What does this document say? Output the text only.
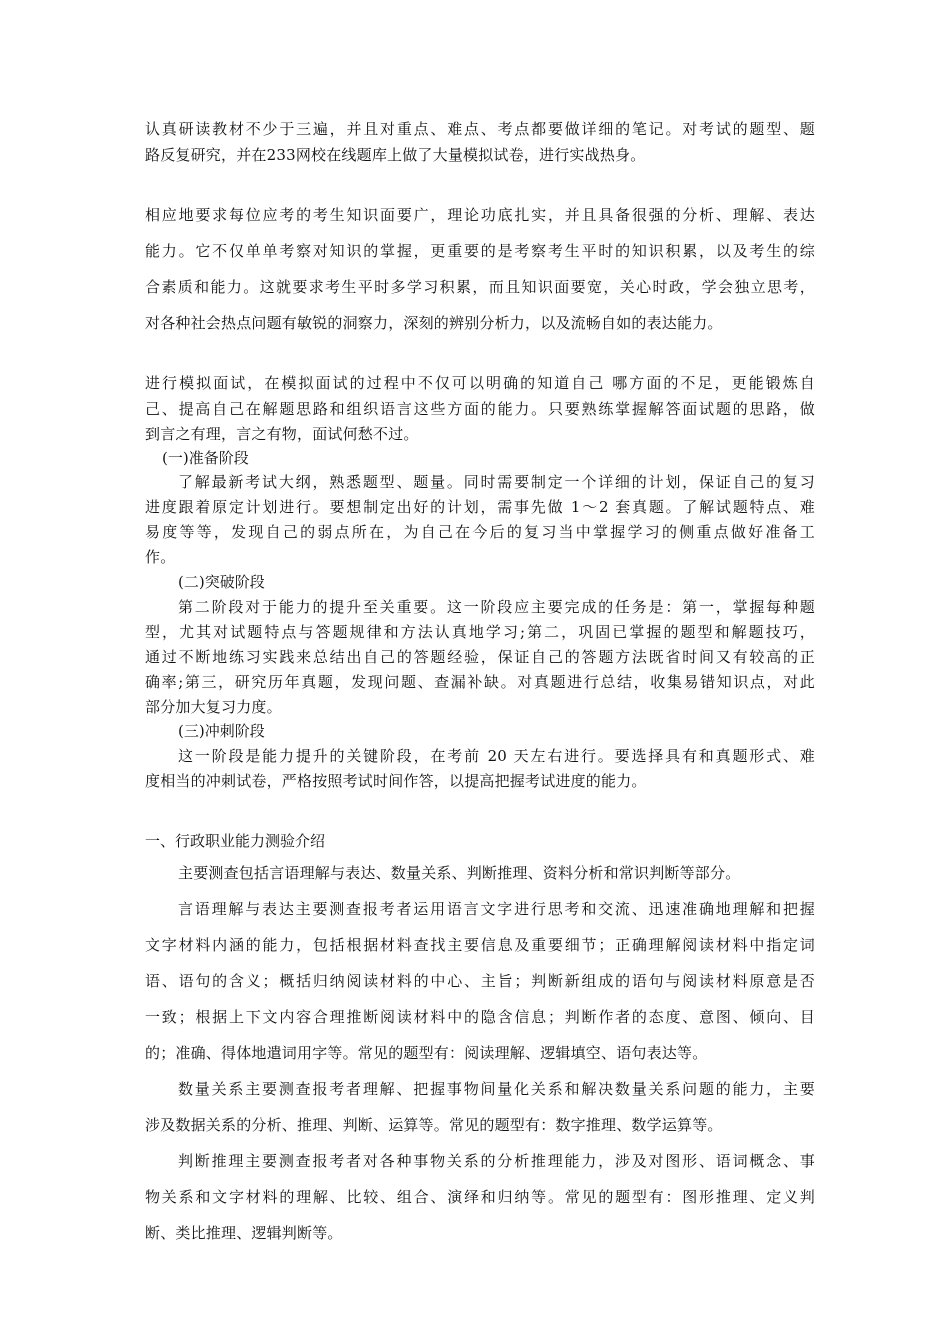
认真研读教材不少于三遍，并且对重点、难点、考点都要做详细的笔记。对考试的题型、题
路反复研究，并在233网校在线题库上做了大量模拟试卷，进行实战热身。
相应地要求每位应考的考生知识面要广，理论功底扎实，并且具备很强的分析、理解、表达
能力。它不仅单单考察对知识的掌握，更重要的是考察考生平时的知识积累，以及考生的综
合素质和能力。这就要求考生平时多学习积累，而且知识面要宽，关心时政，学会独立思考，
对各种社会热点问题有敏锐的洞察力，深刻的辨别分析力，以及流畅自如的表达能力。
进行模拟面试，在模拟面试的过程中不仅可以明确的知道自己 哪方面的不足，更能锻炼自
己、提高自己在解题思路和组织语言这些方面的能力。只要熟练掌握解答面试题的思路，做
到言之有理，言之有物，面试何愁不过。
(一)准备阶段
了解最新考试大纲，熟悉题型、题量。同时需要制定一个详细的计划，保证自己的复习
进度跟着原定计划进行。要想制定出好的计划，需事先做 1～2 套真题。了解试题特点、难
易度等等，发现自己的弱点所在，为自己在今后的复习当中掌握学习的侧重点做好准备工
作。
(二)突破阶段
第二阶段对于能力的提升至关重要。这一阶段应主要完成的任务是：第一，掌握每种题
型，尤其对试题特点与答题规律和方法认真地学习;第二，巩固已掌握的题型和解题技巧，
通过不断地练习实践来总结出自己的答题经验，保证自己的答题方法既省时间又有较高的正
确率;第三，研究历年真题，发现问题、查漏补缺。对真题进行总结，收集易错知识点，对此
部分加大复习力度。
(三)冲刺阶段
这一阶段是能力提升的关键阶段，在考前 20 天左右进行。要选择具有和真题形式、难
度相当的冲刺试卷，严格按照考试时间作答，以提高把握考试进度的能力。
一、行政职业能力测验介绍
主要测查包括言语理解与表达、数量关系、判断推理、资料分析和常识判断等部分。
言语理解与表达主要测查报考者运用语言文字进行思考和交流、迅速准确地理解和把握
文字材料内涵的能力，包括根据材料查找主要信息及重要细节；正确理解阅读材料中指定词
语、语句的含义；概括归纳阅读材料的中心、主旨；判断新组成的语句与阅读材料原意是否
一致；根据上下文内容合理推断阅读材料中的隐含信息；判断作者的态度、意图、倾向、目
的；准确、得体地遣词用字等。常见的题型有：阅读理解、逻辑填空、语句表达等。
数量关系主要测查报考者理解、把握事物间量化关系和解决数量关系问题的能力，主要
涉及数据关系的分析、推理、判断、运算等。常见的题型有：数字推理、数学运算等。
判断推理主要测查报考者对各种事物关系的分析推理能力，涉及对图形、语词概念、事
物关系和文字材料的理解、比较、组合、演绎和归纳等。常见的题型有：图形推理、定义判
断、类比推理、逻辑判断等。
